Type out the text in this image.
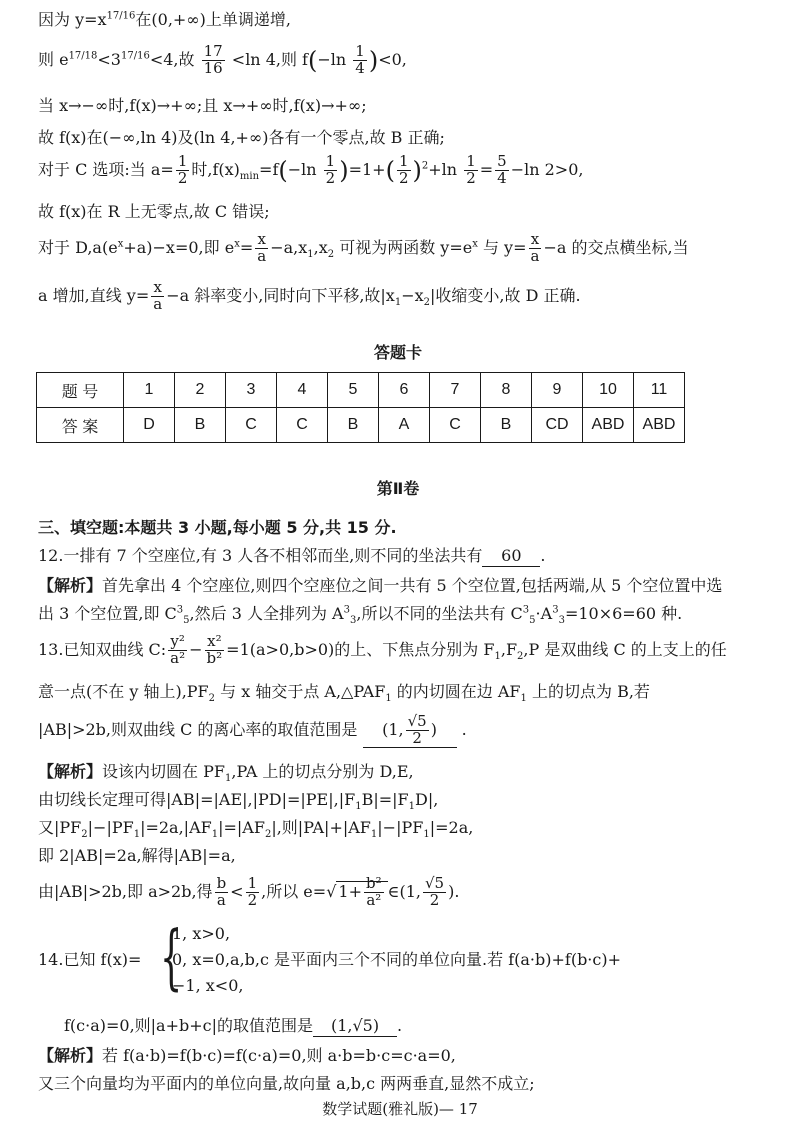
因为 $y=x^{17/16}$在(0,+∞)上单调递增,
则 $e^{17/18}<3^{17/16}<4$,故 $\frac{17}{16} <\ln$ 4,则 $f(-\ln \frac{1}{4} )<0$,
当 x→−∞时,f(x)→+∞;且 x→+∞时,f(x)→+∞;
故 f(x)在(−∞,ln 4)及(ln 4,+∞)各有一个零点,故 B 正确;
对于 C 选项:当 $a= \frac{1}{2}$ 时$,f(x)_{min}=f(-\ln \frac{1}{2} )=1+( \frac{1}{2} )^2+\ln \frac{1}{2} = \frac{5}{4} -\ln$ 2>0,
故 f(x)在 R 上无零点,故 C 错误;
对于 $D,a(e^x+a)-x=0$,即 $e^x= \frac{x}{a} -a,x_1,x_2$ 可视为两函数 $y=e^x$ 与 $y= \frac{x}{a} -a$ 的交点横坐标,当
a 增加,直线 $y= \frac{x}{a} -a$ 斜率变小,同时向下平移,故$|x_1-x_2|$收缩变小,故 D 正确.
答题卡
题 号	1	2	3	4	5	6	7	8	9	10	11
答 案	D	B	C	C	B	A	C	B	CD	ABD	ABD
第Ⅱ卷
三、填空题:本题共 3 小题,每小题 5 分,共 15 分.
12.一排有 7 个空座位,有 3 人各不相邻而坐,则不同的坐法共有 60 .
【解析】首先拿出 4 个空座位,则四个空座位之间一共有 5 个空位置,包括两端,从 5 个空位置中选
出 3 个空位置,即 $C^3_5$,然后 3 人全排列为 $A^3_3$,所以不同的坐法共有 $C^3_5\cdot A^3_3=10\times 6=60$ 种.
13.已知双曲线 C: $\frac{\text{y²}}{\text{a²}} - \frac{\text{x²}}{\text{b²}} =1(a>0,b>0)$的上、下焦点分别为 $F_1,F_2,P$ 是双曲线 C 的上支上的任
意一点(不在 y 轴上)$,PF_2$ 与 x 轴交于点 $A,\triangle PAF_1$ 的内切圆在边 $AF_1$ 上的切点为 B,若
|AB|>2b,则双曲线 C 的离心率的取值范围是 (1, $\frac{√5}{2}$ ) .
【解析】设该内切圆在 $PF_1,PA$ 上的切点分别为 D,E,
由切线长定理可得$|AB|=|AE|,|PD|=|PE|,|F_1B|=|F_1D|$,
又$|PF_2|-|PF_1|=2a,|AF_1|=|AF_2|$,则$|PA|+|AF_1|-|PF_1|=2a$,
即 2|AB|=2a,解得|AB|=a,
由|AB|>2b,即 a>2b,得 $\frac{b}{a} < \frac{1}{2}$ ,所以 e=√ $1+ \frac{\text{b²}}{\text{a²}}$ ∈(1, $\frac{√5}{2}$ ).
14.已知 f(x)= {
1, x>0,
0, x=0,a,b,c 是平面内三个不同的单位向量.若 f(a·b)+f(b·c)+
−1, x<0,
f(c·a)=0,则|a+b+c|的取值范围是 (1,√5) .
【解析】若 f(a·b)=f(b·c)=f(c·a)=0,则 a·b=b·c=c·a=0,
又三个向量均为平面内的单位向量,故向量 a,b,c 两两垂直,显然不成立;
数学试题(雅礼版)— 17
